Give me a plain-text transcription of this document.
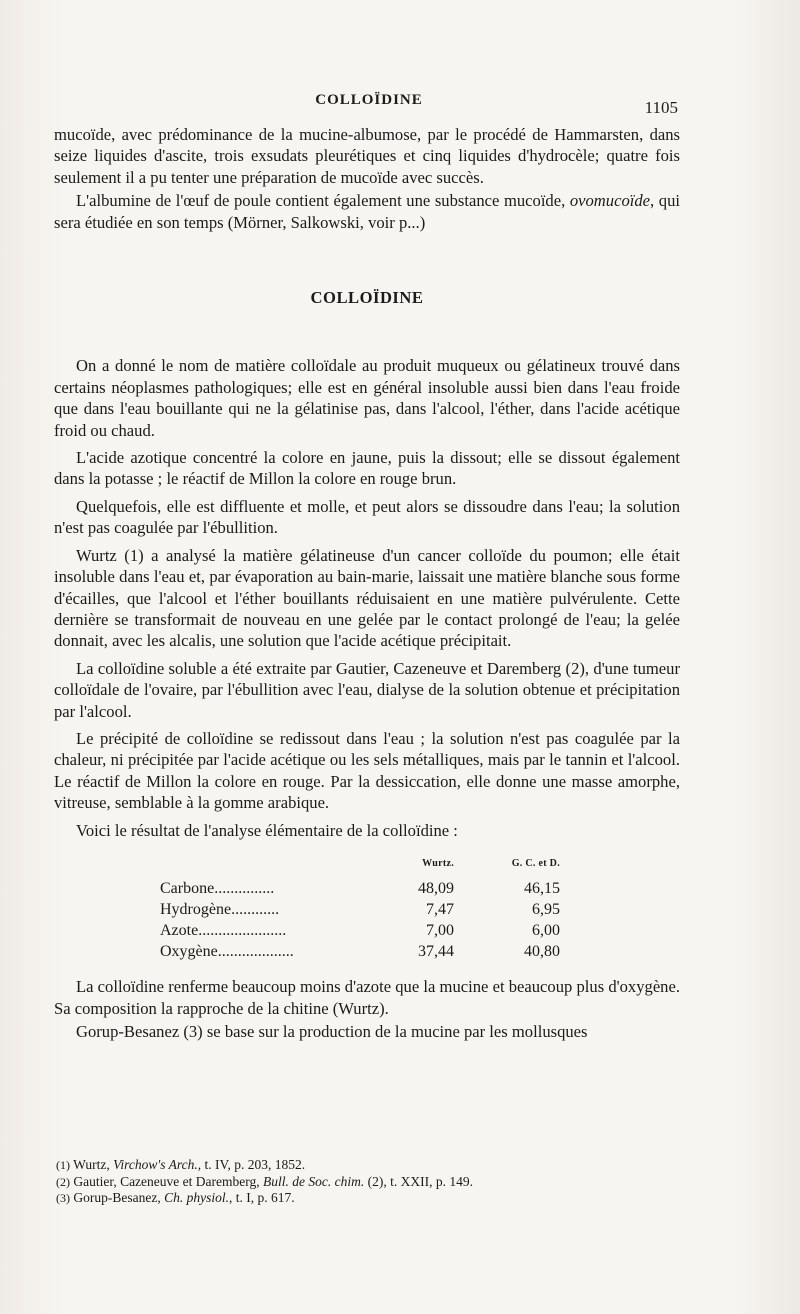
COLLOÏDINE	1105

mucoïde, avec prédominance de la mucine-albumose, par le procédé de Hammarsten, dans seize liquides d'ascite, trois exsudats pleurétiques et cinq liquides d'hydrocèle; quatre fois seulement il a pu tenter une préparation de mucoïde avec succès.

L'albumine de l'œuf de poule contient également une substance mucoïde, ovomucoïde, qui sera étudiée en son temps (Mörner, Salkowski, voir p...)

COLLOÏDINE

On a donné le nom de matière colloïdale au produit muqueux ou gélatineux trouvé dans certains néoplasmes pathologiques; elle est en général insoluble aussi bien dans l'eau froide que dans l'eau bouillante qui ne la gélatinise pas, dans l'alcool, l'éther, dans l'acide acétique froid ou chaud.

L'acide azotique concentré la colore en jaune, puis la dissout; elle se dissout également dans la potasse ; le réactif de Millon la colore en rouge brun.

Quelquefois, elle est diffluente et molle, et peut alors se dissoudre dans l'eau; la solution n'est pas coagulée par l'ébullition.

Wurtz (1) a analysé la matière gélatineuse d'un cancer colloïde du poumon; elle était insoluble dans l'eau et, par évaporation au bain-marie, laissait une matière blanche sous forme d'écailles, que l'alcool et l'éther bouillants réduisaient en une matière pulvérulente. Cette dernière se transformait de nouveau en une gelée par le contact prolongé de l'eau; la gelée donnait, avec les alcalis, une solution que l'acide acétique précipitait.

La colloïdine soluble a été extraite par Gautier, Cazeneuve et Daremberg (2), d'une tumeur colloïdale de l'ovaire, par l'ébullition avec l'eau, dialyse de la solution obtenue et précipitation par l'alcool.

Le précipité de colloïdine se redissout dans l'eau ; la solution n'est pas coagulée par la chaleur, ni précipitée par l'acide acétique ou les sels métalliques, mais par le tannin et l'alcool. Le réactif de Millon la colore en rouge. Par la dessiccation, elle donne une masse amorphe, vitreuse, semblable à la gomme arabique.

Voici le résultat de l'analyse élémentaire de la colloïdine :

	Wurtz.	G. C. et D.
Carbone...............	48,09	46,15
Hydrogène............	7,47	6,95
Azote......................	7,00	6,00
Oxygène...................	37,44	40,80

La colloïdine renferme beaucoup moins d'azote que la mucine et beaucoup plus d'oxygène. Sa composition la rapproche de la chitine (Wurtz).

Gorup-Besanez (3) se base sur la production de la mucine par les mollusques

(1) Wurtz, Virchow's Arch., t. IV, p. 203, 1852.

(2) Gautier, Cazeneuve et Daremberg, Bull. de Soc. chim. (2), t. XXII, p. 149.

(3) Gorup-Besanez, Ch. physiol., t. I, p. 617.
